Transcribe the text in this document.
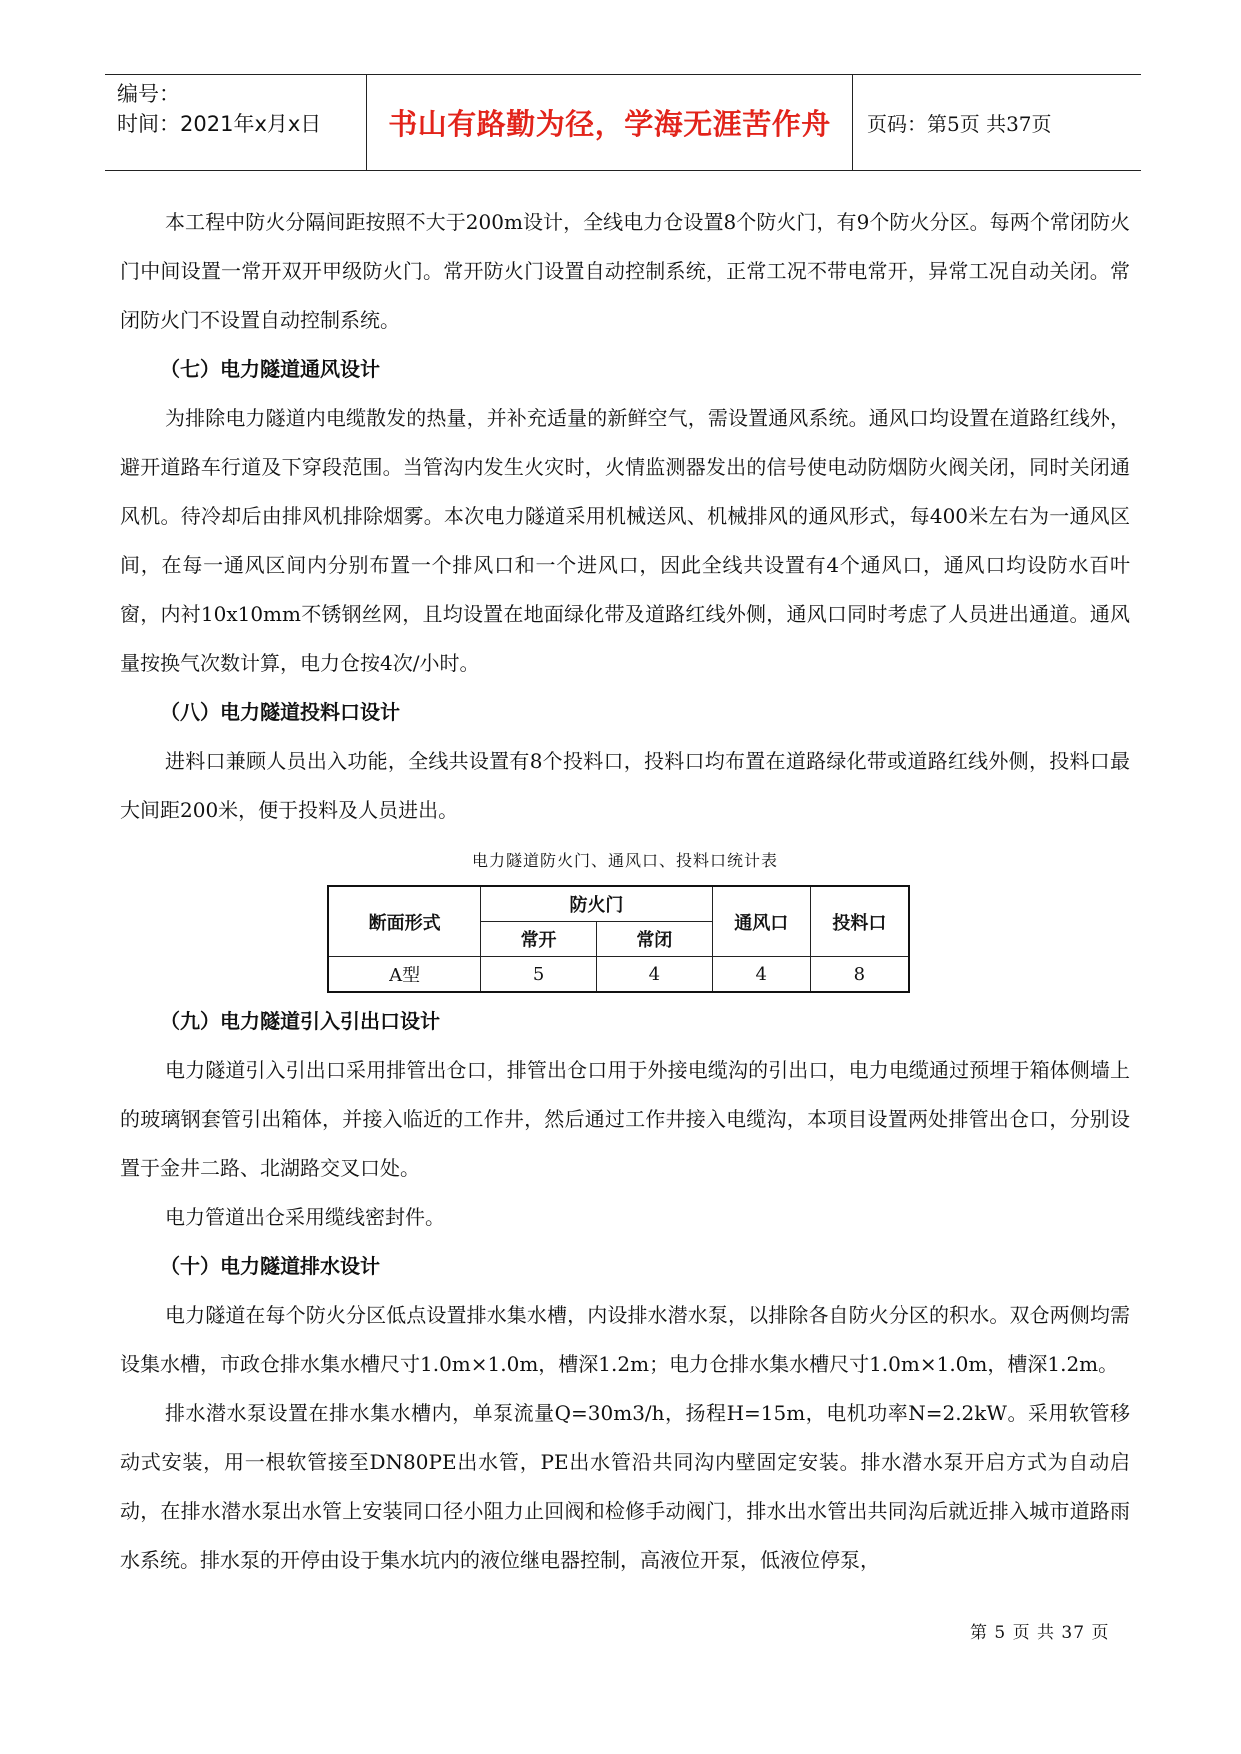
编号：
时间：2021年x月x日	书山有路勤为径，学海无涯苦作舟	页码：第5页 共37页

本工程中防火分隔间距按照不大于200m设计，全线电力仓设置8个防火门，有9个防火分区。每两个常闭防火门中间设置一常开双开甲级防火门。常开防火门设置自动控制系统，正常工况不带电常开，异常工况自动关闭。常闭防火门不设置自动控制系统。

（七）电力隧道通风设计

为排除电力隧道内电缆散发的热量，并补充适量的新鲜空气，需设置通风系统。通风口均设置在道路红线外，避开道路车行道及下穿段范围。当管沟内发生火灾时，火情监测器发出的信号使电动防烟防火阀关闭，同时关闭通风机。待冷却后由排风机排除烟雾。本次电力隧道采用机械送风、机械排风的通风形式，每400米左右为一通风区间，在每一通风区间内分别布置一个排风口和一个进风口，因此全线共设置有4个通风口，通风口均设防水百叶窗，内衬10x10mm不锈钢丝网，且均设置在地面绿化带及道路红线外侧，通风口同时考虑了人员进出通道。通风量按换气次数计算，电力仓按4次/小时。

（八）电力隧道投料口设计

进料口兼顾人员出入功能，全线共设置有8个投料口，投料口均布置在道路绿化带或道路红线外侧，投料口最大间距200米，便于投料及人员进出。

电力隧道防火门、通风口、投料口统计表
断面形式	防火门		通风口	投料口
	常开	常闭		
A型	5	4	4	8

（九）电力隧道引入引出口设计

电力隧道引入引出口采用排管出仓口，排管出仓口用于外接电缆沟的引出口，电力电缆通过预埋于箱体侧墙上的玻璃钢套管引出箱体，并接入临近的工作井，然后通过工作井接入电缆沟，本项目设置两处排管出仓口，分别设置于金井二路、北湖路交叉口处。

电力管道出仓采用缆线密封件。

（十）电力隧道排水设计

电力隧道在每个防火分区低点设置排水集水槽，内设排水潜水泵，以排除各自防火分区的积水。双仓两侧均需设集水槽，市政仓排水集水槽尺寸1.0m×1.0m，槽深1.2m；电力仓排水集水槽尺寸1.0m×1.0m，槽深1.2m。

排水潜水泵设置在排水集水槽内，单泵流量Q=30m3/h，扬程H=15m，电机功率N=2.2kW。采用软管移动式安装，用一根软管接至DN80PE出水管，PE出水管沿共同沟内壁固定安装。排水潜水泵开启方式为自动启动，在排水潜水泵出水管上安装同口径小阻力止回阀和检修手动阀门，排水出水管出共同沟后就近排入城市道路雨水系统。排水泵的开停由设于集水坑内的液位继电器控制，高液位开泵，低液位停泵，

第 5 页 共 37 页
